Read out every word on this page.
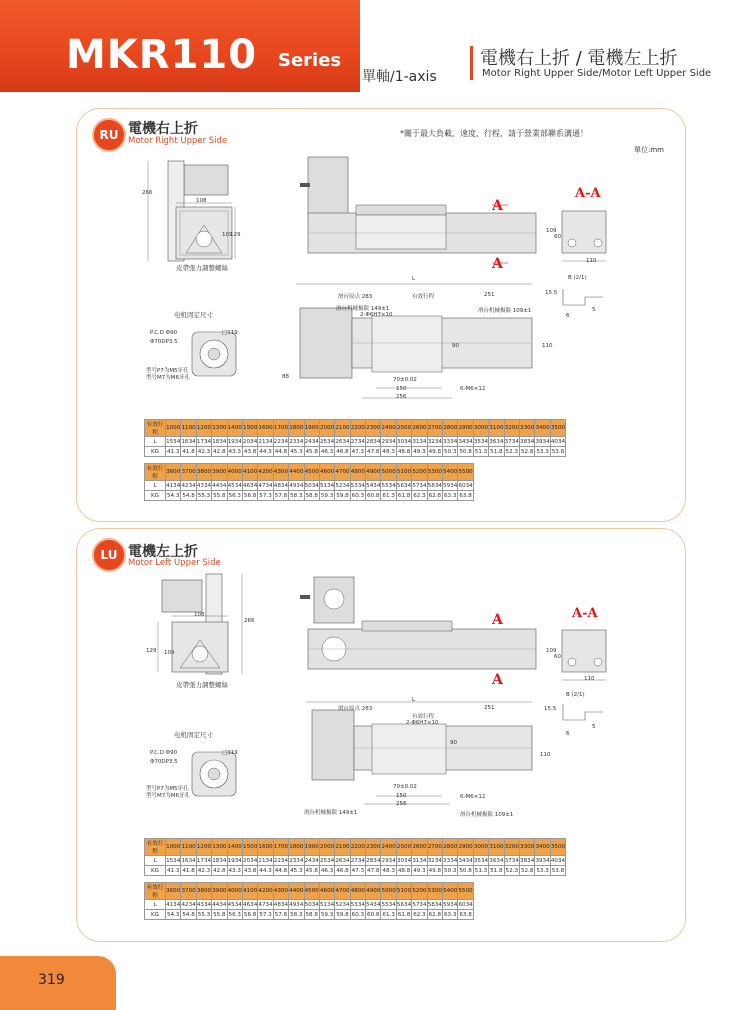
MKR110 Series
單軸/1-axis
電機右上折 / 電機左上折
Motor Right Upper Side/Motor Left Upper Side
RU 電機右上折
Motor Right Upper Side
*關于最大負載、速度、行程，請于營業部聯系溝通！
單位:mm
266
108
109
129
皮帶張力調整螺絲
A
A
A-A
109
60
110
B (2/1)
15.5
5
6
L
滑台原点 283	有效行程	251
滑台机械极限 149±1	滑台机械极限 109±1
2-Φ6H7×10
90	110
88	70±0.02
150	6-M6×12
256
电机固定尺寸
P.C.D Φ90
Φ70DP3.5
□119
型号P7为M5牙孔
型号M7为M6牙孔
有效行程	1000	1100	1200	1300	1400	1500	1600	1700	1800	1900	2000	2100	2200	2300	2400	2500	2600	2700	2800	2900	3000	3100	3200	3300	3400	3500
L	1534	1634	1734	1834	1934	2034	2134	2234	2334	2434	2534	2634	2734	2834	2934	3034	3134	3234	3334	3434	3534	3634	3734	3834	3934	4034
KG	41.3	41.8	42.3	42.8	43.3	43.8	44.3	44.8	45.3	45.8	46.3	46.8	47.3	47.8	48.3	48.8	49.3	49.8	50.3	50.8	51.3	51.8	52.3	52.8	53.3	53.8
有效行程	3600	3700	3800	3900	4000	4100	4200	4300	4400	4500	4600	4700	4800	4900	5000	5100	5200	5300	5400	5500
L	4134	4234	4334	4434	4534	4634	4734	4834	4934	5034	5134	5234	5334	5434	5534	5634	5734	5834	5934	6034
KG	54.3	54.8	55.3	55.8	56.3	56.8	57.3	57.8	58.3	58.8	59.3	59.8	60.3	60.8	61.3	61.8	62.3	62.8	63.3	63.8
LU 電機左上折
Motor Left Upper Side
266
108
129 109
皮帶張力調整螺絲
A
A
A-A
109
60
110
B (2/1)
15.5
5
6
L
滑台原点 283
有效行程
251
2-Φ6H7×10
90
110
70±0.02
150	6-M6×12
256
滑台机械极限 149±1	滑台机械极限 109±1
电机固定尺寸
P.C.D Φ90
Φ70DP3.5
□119
型号P7为M5牙孔
型号M7为M6牙孔
有效行程	1000	1100	1200	1300	1400	1500	1600	1700	1800	1900	2000	2100	2200	2300	2400	2500	2600	2700	2800	2900	3000	3100	3200	3300	3400	3500
L	1534	1634	1734	1834	1934	2034	2134	2234	2334	2434	2534	2634	2734	2834	2934	3034	3134	3234	3334	3434	3534	3634	3734	3834	3934	4034
KG	41.3	41.8	42.3	42.8	43.3	43.8	44.3	44.8	45.3	45.8	46.3	46.8	47.3	47.8	48.3	48.8	49.3	49.8	50.3	50.8	51.3	51.8	52.3	52.8	53.3	53.8
有效行程	3600	3700	3800	3900	4000	4100	4200	4300	4400	4500	4600	4700	4800	4900	5000	5100	5200	5300	5400	5500
L	4134	4234	4334	4434	4534	4634	4734	4834	4934	5034	5134	5234	5334	5434	5534	5634	5734	5834	5934	6034
KG	54.3	54.8	55.3	55.8	56.3	56.8	57.3	57.8	58.3	58.8	59.3	59.8	60.3	60.8	61.3	61.8	62.3	62.8	63.3	63.8
319
